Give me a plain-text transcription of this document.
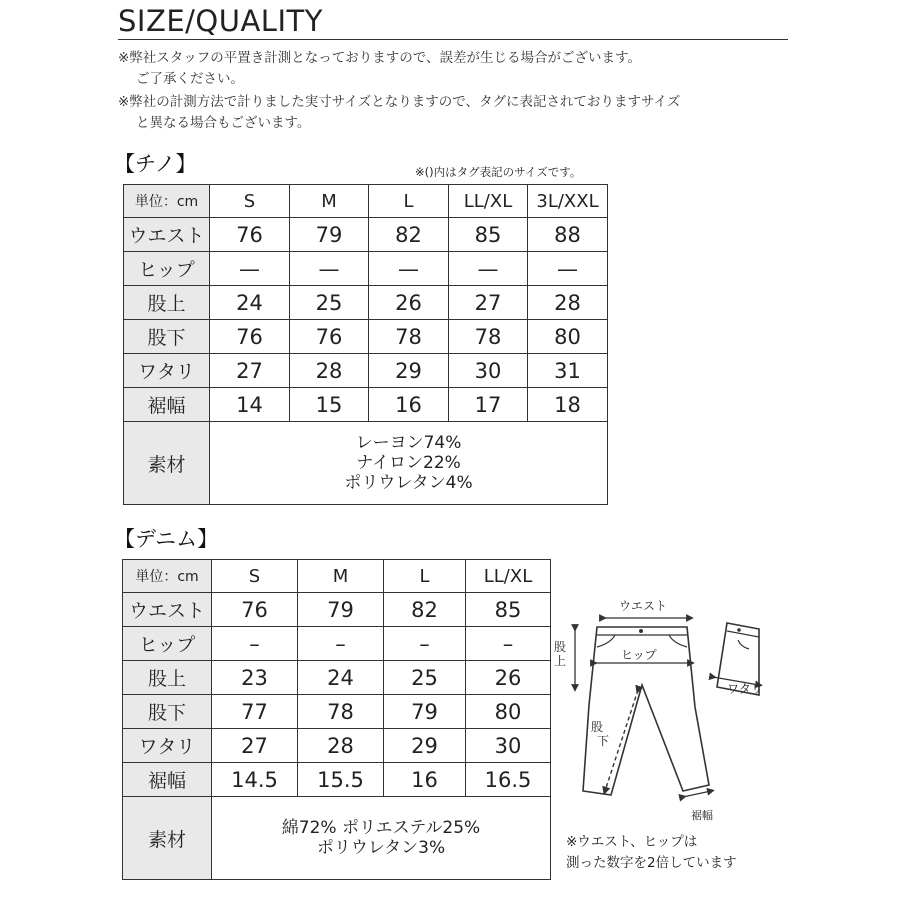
SIZE/QUALITY
※弊社スタッフの平置き計測となっておりますので、誤差が生じる場合がございます。
ご了承ください。
※弊社の計測方法で計りました実寸サイズとなりますので、タグに表記されておりますサイズ
と異なる場合もございます。
【チノ】	※()内はタグ表記のサイズです。
単位：cm	S	M	L	LL/XL	3L/XXL
ウエスト	76	79	82	85	88
ヒップ	—	—	—	—	—
股上	24	25	26	27	28
股下	76	76	78	78	80
ワタリ	27	28	29	30	31
裾幅	14	15	16	17	18
素材	レーヨン74%
ナイロン22%
ポリウレタン4%				
【デニム】
単位：cm	S	M	L	LL/XL
ウエスト	76	79	82	85
ヒップ	–	–	–	–
股上	23	24	25	26
股下	77	78	79	80
ワタリ	27	28	29	30
裾幅	14.5	15.5	16	16.5
素材	綿72% ポリエステル25%
ポリウレタン3%			
ウエスト
股
上	ヒップ
股
下
ワタリ
裾幅
※ウエスト、ヒップは
測った数字を2倍しています
